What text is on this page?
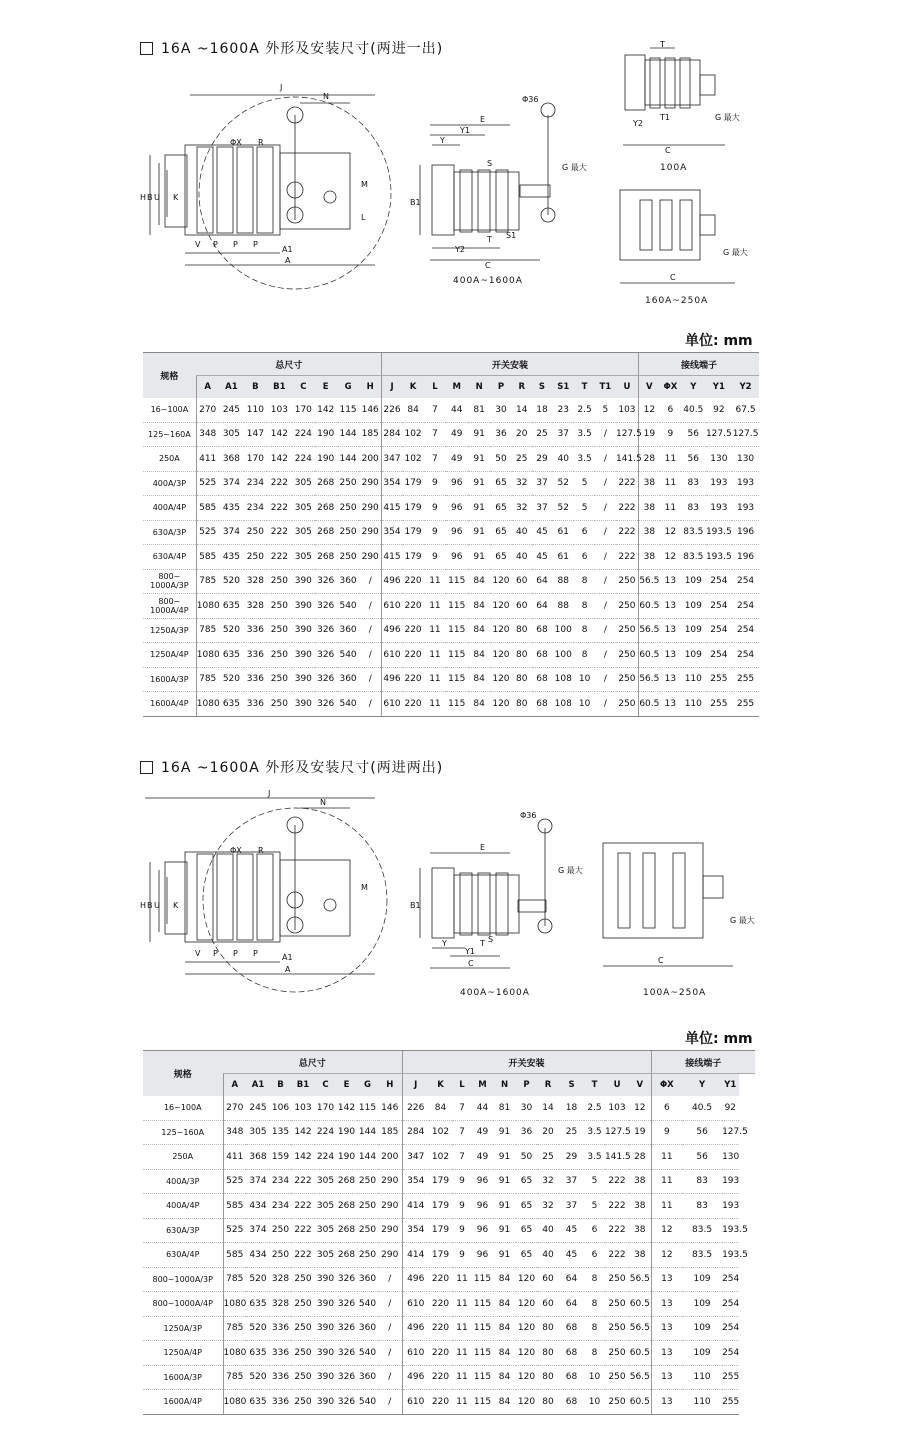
16A ~1600A 外形及安装尺寸(两进一出)
J
N
ΦX R
H B U K
M
L
V P P P
A1
A
Φ36
E
Y1
Y
S
B1
S1
T
Y2
C
G 最大
400A~1600A
T
Y2
T1
C
G 最大
100A
C
G 最大
160A~250A
单位: mm
规格	总尺寸								开关安装												接线端子				
	A	A1	B	B1	C	E	G	H	J	K	L	M	N	P	R	S	S1	T	T1	U	V	ΦX	Y	Y1	Y2
16~100A	270	245	110	103	170	142	115	146	226	84	7	44	81	30	14	18	23	2.5	5	103	12	6	40.5	92	67.5
125~160A	348	305	147	142	224	190	144	185	284	102	7	49	91	36	20	25	37	3.5	/	127.5	19	9	56	127.5	127.5
250A	411	368	170	142	224	190	144	200	347	102	7	49	91	50	25	29	40	3.5	/	141.5	28	11	56	130	130
400A/3P	525	374	234	222	305	268	250	290	354	179	9	96	91	65	32	37	52	5	/	222	38	11	83	193	193
400A/4P	585	435	234	222	305	268	250	290	415	179	9	96	91	65	32	37	52	5	/	222	38	11	83	193	193
630A/3P	525	374	250	222	305	268	250	290	354	179	9	96	91	65	40	45	61	6	/	222	38	12	83.5	193.5	196
630A/4P	585	435	250	222	305	268	250	290	415	179	9	96	91	65	40	45	61	6	/	222	38	12	83.5	193.5	196
800~ 1000A/3P	785	520	328	250	390	326	360	/	496	220	11	115	84	120	60	64	88	8	/	250	56.5	13	109	254	254
800~ 1000A/4P	1080	635	328	250	390	326	540	/	610	220	11	115	84	120	60	64	88	8	/	250	60.5	13	109	254	254
1250A/3P	785	520	336	250	390	326	360	/	496	220	11	115	84	120	80	68	100	8	/	250	56.5	13	109	254	254
1250A/4P	1080	635	336	250	390	326	540	/	610	220	11	115	84	120	80	68	100	8	/	250	60.5	13	109	254	254
1600A/3P	785	520	336	250	390	326	360	/	496	220	11	115	84	120	80	68	108	10	/	250	56.5	13	110	255	255
1600A/4P	1080	635	336	250	390	326	540	/	610	220	11	115	84	120	80	68	108	10	/	250	60.5	13	110	255	255
16A ~1600A 外形及安装尺寸(两进两出)
J
N
ΦX R
H B U K
M
V P P P	A1
A
Φ36
E
B1
G 最大
S
T
Y
Y1
C
400A~1600A
C
G 最大
100A~250A
单位: mm
规格	总尺寸								开关安装											接线端子		
	A	A1	B	B1	C	E	G	H	J	K	L	M	N	P	R	S	T	U	V	ΦX	Y	Y1
16~100A	270	245	106	103	170	142	115	146	226	84	7	44	81	30	14	18	2.5	103	12	6	40.5	92
125~160A	348	305	135	142	224	190	144	185	284	102	7	49	91	36	20	25	3.5	127.5	19	9	56	127.5
250A	411	368	159	142	224	190	144	200	347	102	7	49	91	50	25	29	3.5	141.5	28	11	56	130
400A/3P	525	374	234	222	305	268	250	290	354	179	9	96	91	65	32	37	5	222	38	11	83	193
400A/4P	585	434	234	222	305	268	250	290	414	179	9	96	91	65	32	37	5	222	38	11	83	193
630A/3P	525	374	250	222	305	268	250	290	354	179	9	96	91	65	40	45	6	222	38	12	83.5	193.5
630A/4P	585	434	250	222	305	268	250	290	414	179	9	96	91	65	40	45	6	222	38	12	83.5	193.5
800~1000A/3P	785	520	328	250	390	326	360	/	496	220	11	115	84	120	60	64	8	250	56.5	13	109	254
800~1000A/4P	1080	635	328	250	390	326	540	/	610	220	11	115	84	120	60	64	8	250	60.5	13	109	254
1250A/3P	785	520	336	250	390	326	360	/	496	220	11	115	84	120	80	68	8	250	56.5	13	109	254
1250A/4P	1080	635	336	250	390	326	540	/	610	220	11	115	84	120	80	68	8	250	60.5	13	109	254
1600A/3P	785	520	336	250	390	326	360	/	496	220	11	115	84	120	80	68	10	250	56.5	13	110	255
1600A/4P	1080	635	336	250	390	326	540	/	610	220	11	115	84	120	80	68	10	250	60.5	13	110	255
